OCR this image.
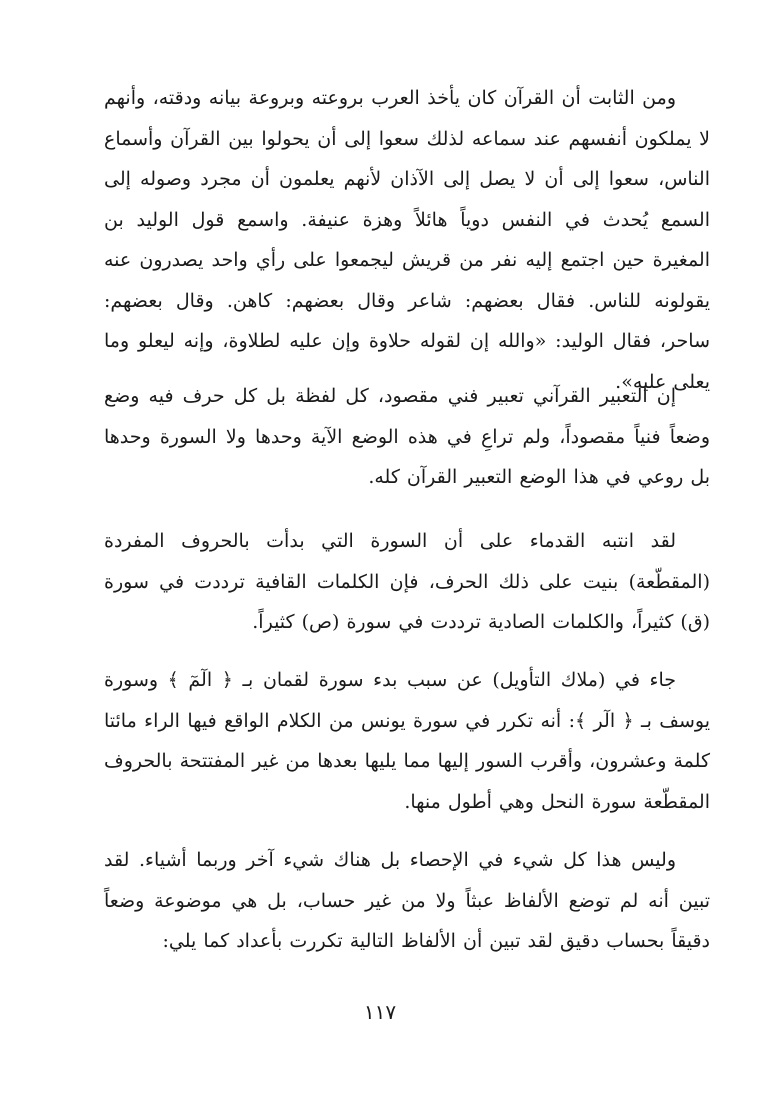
ومن الثابت أن القرآن كان يأخذ العرب بروعته وبروعة بيانه ودقته، وأنهم لا يملكون أنفسهم عند سماعه لذلك سعوا إلى أن يحولوا بين القرآن وأسماع الناس، سعوا إلى أن لا يصل إلى الآذان لأنهم يعلمون أن مجرد وصوله إلى السمع يُحدث في النفس دوياً هائلاً وهزة عنيفة. واسمع قول الوليد بن المغيرة حين اجتمع إليه نفر من قريش ليجمعوا على رأي واحد يصدرون عنه يقولونه للناس. فقال بعضهم: شاعر وقال بعضهم: كاهن. وقال بعضهم: ساحر، فقال الوليد: «والله إن لقوله حلاوة وإن عليه لطلاوة، وإنه ليعلو وما يعلى عليه».

إن التعبير القرآني تعبير فني مقصود، كل لفظة بل كل حرف فيه وضع وضعاً فنياً مقصوداً، ولم تراعِ في هذه الوضع الآية وحدها ولا السورة وحدها بل روعي في هذا الوضع التعبير القرآن كله.

لقد انتبه القدماء على أن السورة التي بدأت بالحروف المفردة (المقطّعة) بنيت على ذلك الحرف، فإن الكلمات القافية ترددت في سورة (ق) كثيراً، والكلمات الصادية ترددت في سورة (ص) كثيراً.

جاء في (ملاك التأويل) عن سبب بدء سورة لقمان بـ ﴿ الٓمٓ ﴾ وسورة يوسف بـ ﴿ الٓر ﴾: أنه تكرر في سورة يونس من الكلام الواقع فيها الراء مائتا كلمة وعشرون، وأقرب السور إليها مما يليها بعدها من غير المفتتحة بالحروف المقطّعة سورة النحل وهي أطول منها.

وليس هذا كل شيء في الإحصاء بل هناك شيء آخر وربما أشياء. لقد تبين أنه لم توضع الألفاظ عبثاً ولا من غير حساب، بل هي موضوعة وضعاً دقيقاً بحساب دقيق لقد تبين أن الألفاظ التالية تكررت بأعداد كما يلي:

١١٧
